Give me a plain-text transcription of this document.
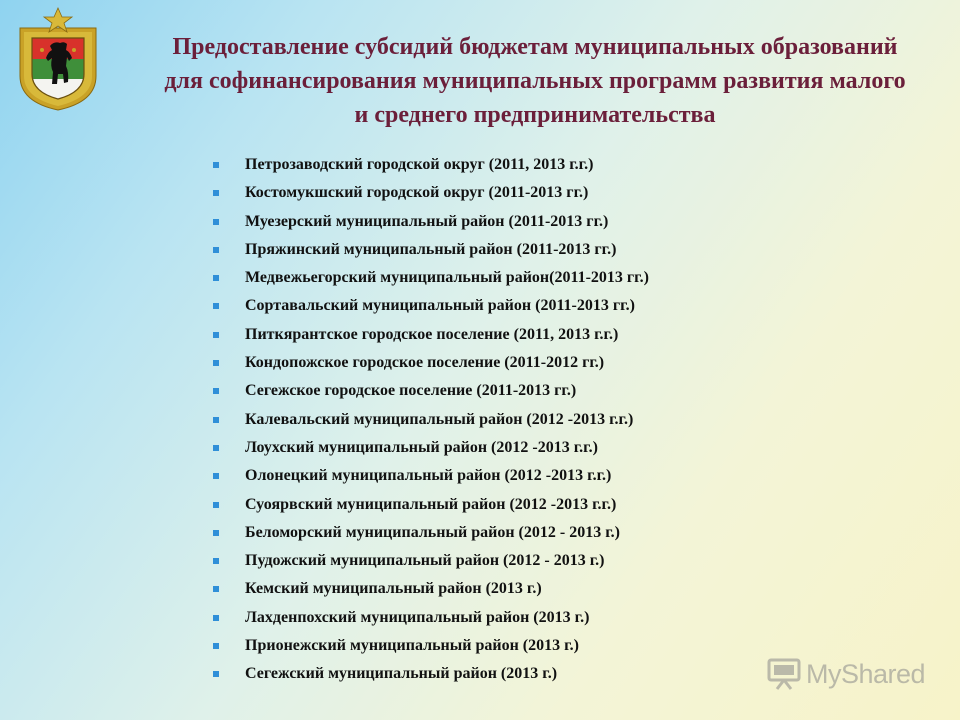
Предоставление субсидий бюджетам муниципальных образований
для софинансирования муниципальных программ развития малого
и среднего предпринимательства
Петрозаводский городской округ (2011, 2013 г.г.)
Костомукшский городской округ (2011-2013 гг.)
Муезерский муниципальный район (2011-2013 гг.)
Пряжинский муниципальный район (2011-2013 гг.)
Медвежьегорский муниципальный район(2011-2013 гг.)
Сортавальский муниципальный район (2011-2013 гг.)
Питкярантское городское поселение (2011, 2013 г.г.)
Кондопожское городское поселение (2011-2012 гг.)
Сегежское городское поселение (2011-2013 гг.)
Калевальский муниципальный район (2012 -2013 г.г.)
Лоухский муниципальный район (2012 -2013 г.г.)
Олонецкий муниципальный район (2012 -2013 г.г.)
Суоярвский муниципальный район (2012 -2013 г.г.)
Беломорский муниципальный район (2012 - 2013 г.)
Пудожский муниципальный район (2012 - 2013 г.)
Кемский муниципальный район (2013 г.)
Лахденпохский муниципальный район (2013 г.)
Прионежский муниципальный район (2013 г.)
Сегежский муниципальный район (2013 г.)	MyShared
